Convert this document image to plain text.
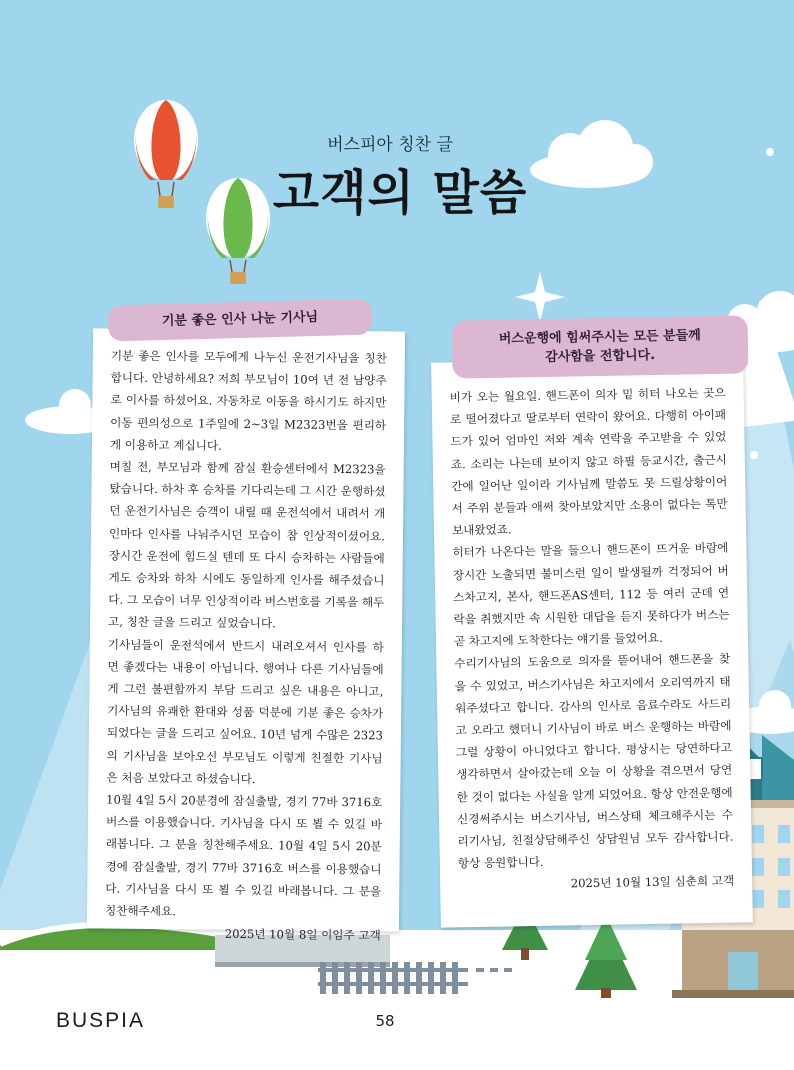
버스피아 칭찬 글
고객의 말씀

기분 좋은 인사를 모두에게 나누신 운전기사님을 칭찬합니다. 안녕하세요? 저희 부모님이 10여 년 전 남양주로 이사를 하셨어요. 자동차로 이동을 하시기도 하지만 이동 편의성으로 1주일에 2~3일 M2323번을 편리하게 이용하고 계십니다.

며칠 전, 부모님과 함께 잠실 환승센터에서 M2323을 탔습니다. 하차 후 승차를 기다리는데 그 시간 운행하셨던 운전기사님은 승객이 내릴 때 운전석에서 내려서 개인마다 인사를 나눠주시던 모습이 참 인상적이셨어요. 장시간 운전에 힘드실 텐데 또 다시 승차하는 사람들에게도 승차와 하차 시에도 동일하게 인사를 해주셨습니다. 그 모습이 너무 인상적이라 버스번호를 기록을 해두고, 칭찬 글을 드리고 싶었습니다.

기사님들이 운전석에서 반드시 내려오셔서 인사를 하면 좋겠다는 내용이 아닙니다. 행여나 다른 기사님들에게 그런 불편함까지 부담 드리고 싶은 내용은 아니고, 기사님의 유쾌한 환대와 성품 덕분에 기분 좋은 승차가 되었다는 글을 드리고 싶어요. 10년 넘게 수많은 2323의 기사님을 보아오신 부모님도 이렇게 친절한 기사님은 처음 보았다고 하셨습니다.

10월 4일 5시 20분경에 잠실출발, 경기 77바 3716호 버스를 이용했습니다. 기사님을 다시 또 뵐 수 있길 바래봅니다. 그 분을 칭찬해주세요. 10월 4일 5시 20분경에 잠실출발, 경기 77바 3716호 버스를 이용했습니다. 기사님을 다시 또 뵐 수 있길 바래봅니다. 그 분을 칭찬해주세요.

2025년 10월 8일 이임주 고객

기분 좋은 인사 나눈 기사님

비가 오는 월요일. 핸드폰이 의자 밑 히터 나오는 곳으로 떨어졌다고 딸로부터 연락이 왔어요. 다행히 아이패드가 있어 엄마인 저와 계속 연락을 주고받을 수 있었죠. 소리는 나는데 보이지 않고 하필 등교시간, 출근시간에 일어난 일이라 기사님께 말씀도 못 드릴상황이어서 주위 분들과 애써 찾아보았지만 소용이 없다는 톡만 보내왔었죠.

히터가 나온다는 말을 들으니 핸드폰이 뜨거운 바람에 장시간 노출되면 불미스런 일이 발생될까 걱정되어 버스차고지, 본사, 핸드폰AS센터, 112 등 여러 군데 연락을 취했지만 속 시원한 대답을 듣지 못하다가 버스는 곧 차고지에 도착한다는 얘기를 들었어요.

수리기사님의 도움으로 의자를 뜯어내어 핸드폰을 찾을 수 있었고, 버스기사님은 차고지에서 오리역까지 태워주셨다고 합니다. 감사의 인사로 음료수라도 사드리고 오라고 했더니 기사님이 바로 버스 운행하는 바람에 그럴 상황이 아니었다고 합니다. 평상시는 당연하다고 생각하면서 살아갔는데 오늘 이 상황을 겪으면서 당연한 것이 없다는 사실을 알게 되었어요. 항상 안전운행에 신경써주시는 버스기사님, 버스상태 체크해주시는 수리기사님, 친절상담해주신 상담원님 모두 감사합니다. 항상 응원합니다.

2025년 10월 13일 심춘희 고객

버스운행에 힘써주시는 모든 분들께
감사함을 전합니다.
BUSPIA	58
